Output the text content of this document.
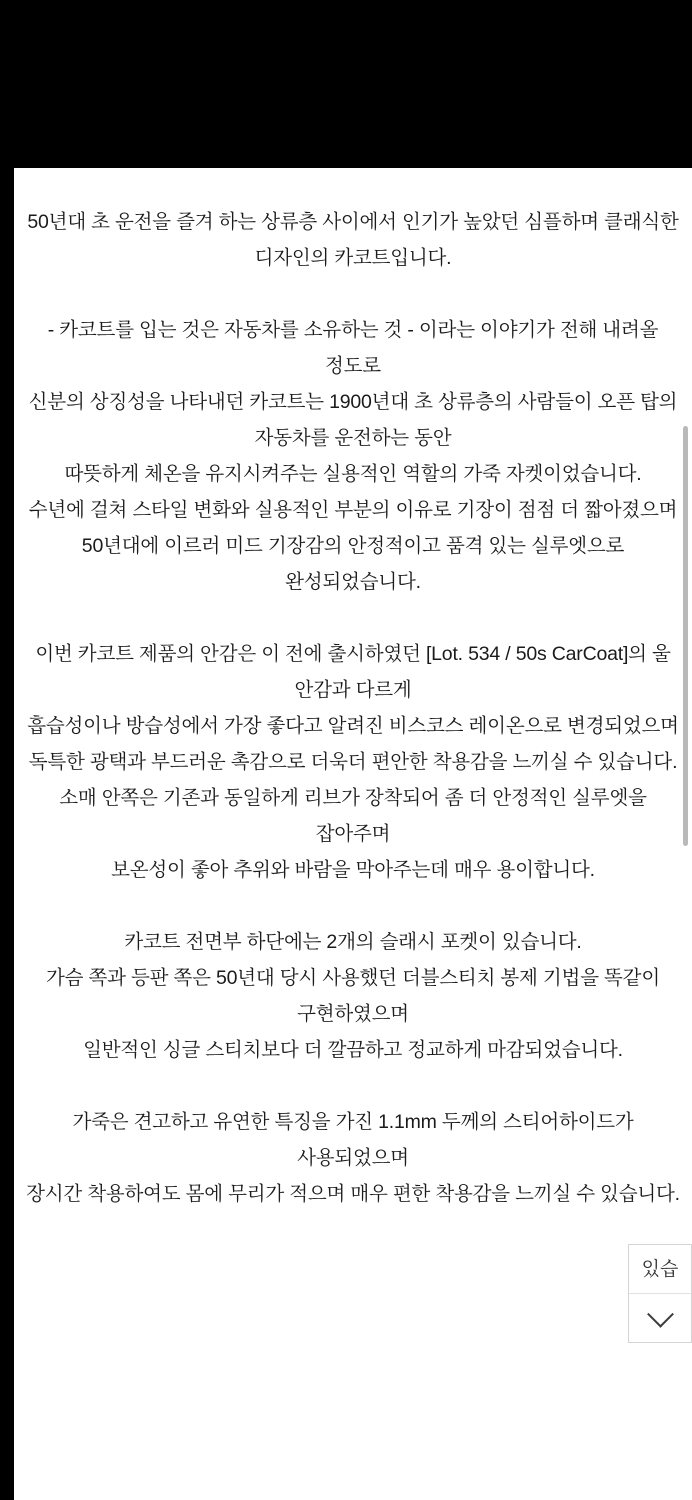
50년대 초 운전을 즐겨 하는 상류층 사이에서 인기가 높았던 심플하며 클래식한 디자인의 카코트입니다.

- 카코트를 입는 것은 자동차를 소유하는 것 - 이라는 이야기가 전해 내려올 정도로

신분의 상징성을 나타내던 카코트는 1900년대 초 상류층의 사람들이 오픈 탑의 자동차를 운전하는 동안

따뜻하게 체온을 유지시켜주는 실용적인 역할의 가죽 자켓이었습니다.

수년에 걸쳐 스타일 변화와 실용적인 부분의 이유로 기장이 점점 더 짧아졌으며

50년대에 이르러 미드 기장감의 안정적이고 품격 있는 실루엣으로 완성되었습니다.

이번 카코트 제품의 안감은 이 전에 출시하였던 [Lot. 534 / 50s CarCoat]의 울 안감과 다르게

흡습성이나 방습성에서 가장 좋다고 알려진 비스코스 레이온으로 변경되었으며

독특한 광택과 부드러운 촉감으로 더욱더 편안한 착용감을 느끼실 수 있습니다.

소매 안쪽은 기존과 동일하게 리브가 장착되어 좀 더 안정적인 실루엣을 잡아주며

보온성이 좋아 추위와 바람을 막아주는데 매우 용이합니다.

카코트 전면부 하단에는 2개의 슬래시 포켓이 있습니다.

가슴 쪽과 등판 쪽은 50년대 당시 사용했던 더블스티치 봉제 기법을 똑같이 구현하였으며

일반적인 싱글 스티치보다 더 깔끔하고 정교하게 마감되었습니다.

가죽은 견고하고 유연한 특징을 가진 1.1mm 두께의 스티어하이드가 사용되었으며

장시간 착용하여도 몸에 무리가 적으며 매우 편한 착용감을 느끼실 수 있습니다.

있습
